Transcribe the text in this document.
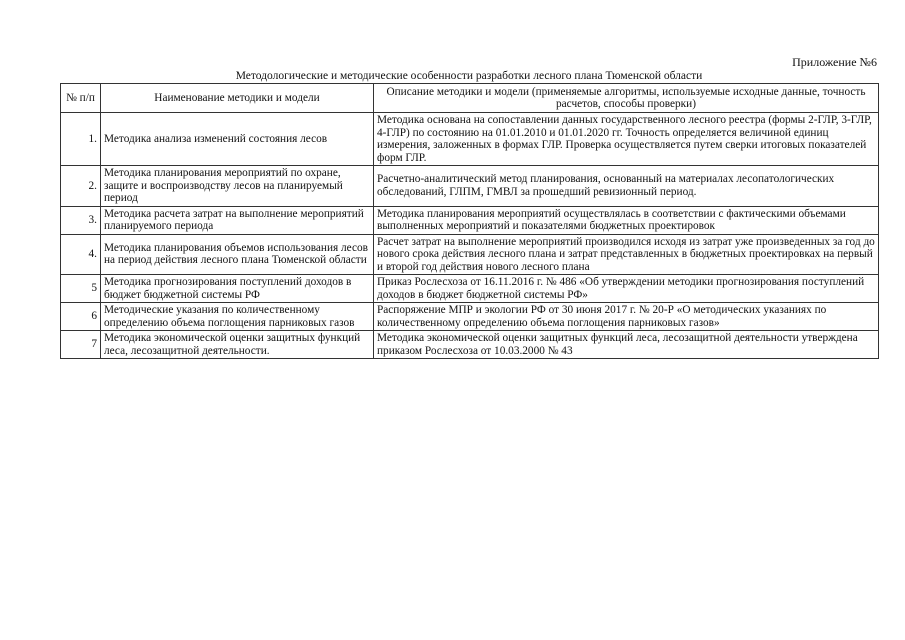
Приложение №6
Методологические и методические особенности разработки лесного плана Тюменской области
№ п/п	Наименование методики и модели	Описание методики и модели (применяемые алгоритмы, используемые исходные данные, точность расчетов, способы проверки)
1.	Методика анализа изменений состояния лесов	Методика основана на сопоставлении данных государственного лесного реестра (формы 2-ГЛР, 3-ГЛР, 4-ГЛР) по состоянию на 01.01.2010 и 01.01.2020 гг. Точность определяется величиной единиц измерения, заложенных в формах ГЛР. Проверка осуществляется путем сверки итоговых показателей форм ГЛР.
2.	Методика планирования мероприятий по охране, защите и воспроизводству лесов на планируемый период	Расчетно-аналитический метод планирования, основанный на материалах лесопатологических обследований, ГЛПМ, ГМВЛ за прошедший ревизионный период.
3.	Методика расчета затрат на выполнение мероприятий планируемого периода	Методика планирования мероприятий осуществлялась в соответствии с фактическими объемами выполненных мероприятий и показателями бюджетных проектировок
4.	Методика планирования объемов использования лесов на период действия лесного плана Тюменской области	Расчет затрат на выполнение мероприятий производился исходя из затрат уже произведенных за год до нового срока действия лесного плана и затрат представленных в бюджетных проектировках на первый и второй год действия нового лесного плана
5	Методика прогнозирования поступлений доходов в бюджет бюджетной системы РФ	Приказ Рослесхоза от 16.11.2016 г. № 486 «Об утверждении методики прогнозирования поступлений доходов в бюджет бюджетной системы РФ»
6	Методические указания по количественному определению объема поглощения парниковых газов	Распоряжение МПР и экологии РФ от 30 июня 2017 г. № 20-Р «О методических указаниях по количественному определению объема поглощения парниковых газов»
7	Методика экономической оценки защитных функций леса, лесозащитной деятельности.	Методика экономической оценки защитных функций леса, лесозащитной деятельности утверждена приказом Рослесхоза от 10.03.2000 № 43
